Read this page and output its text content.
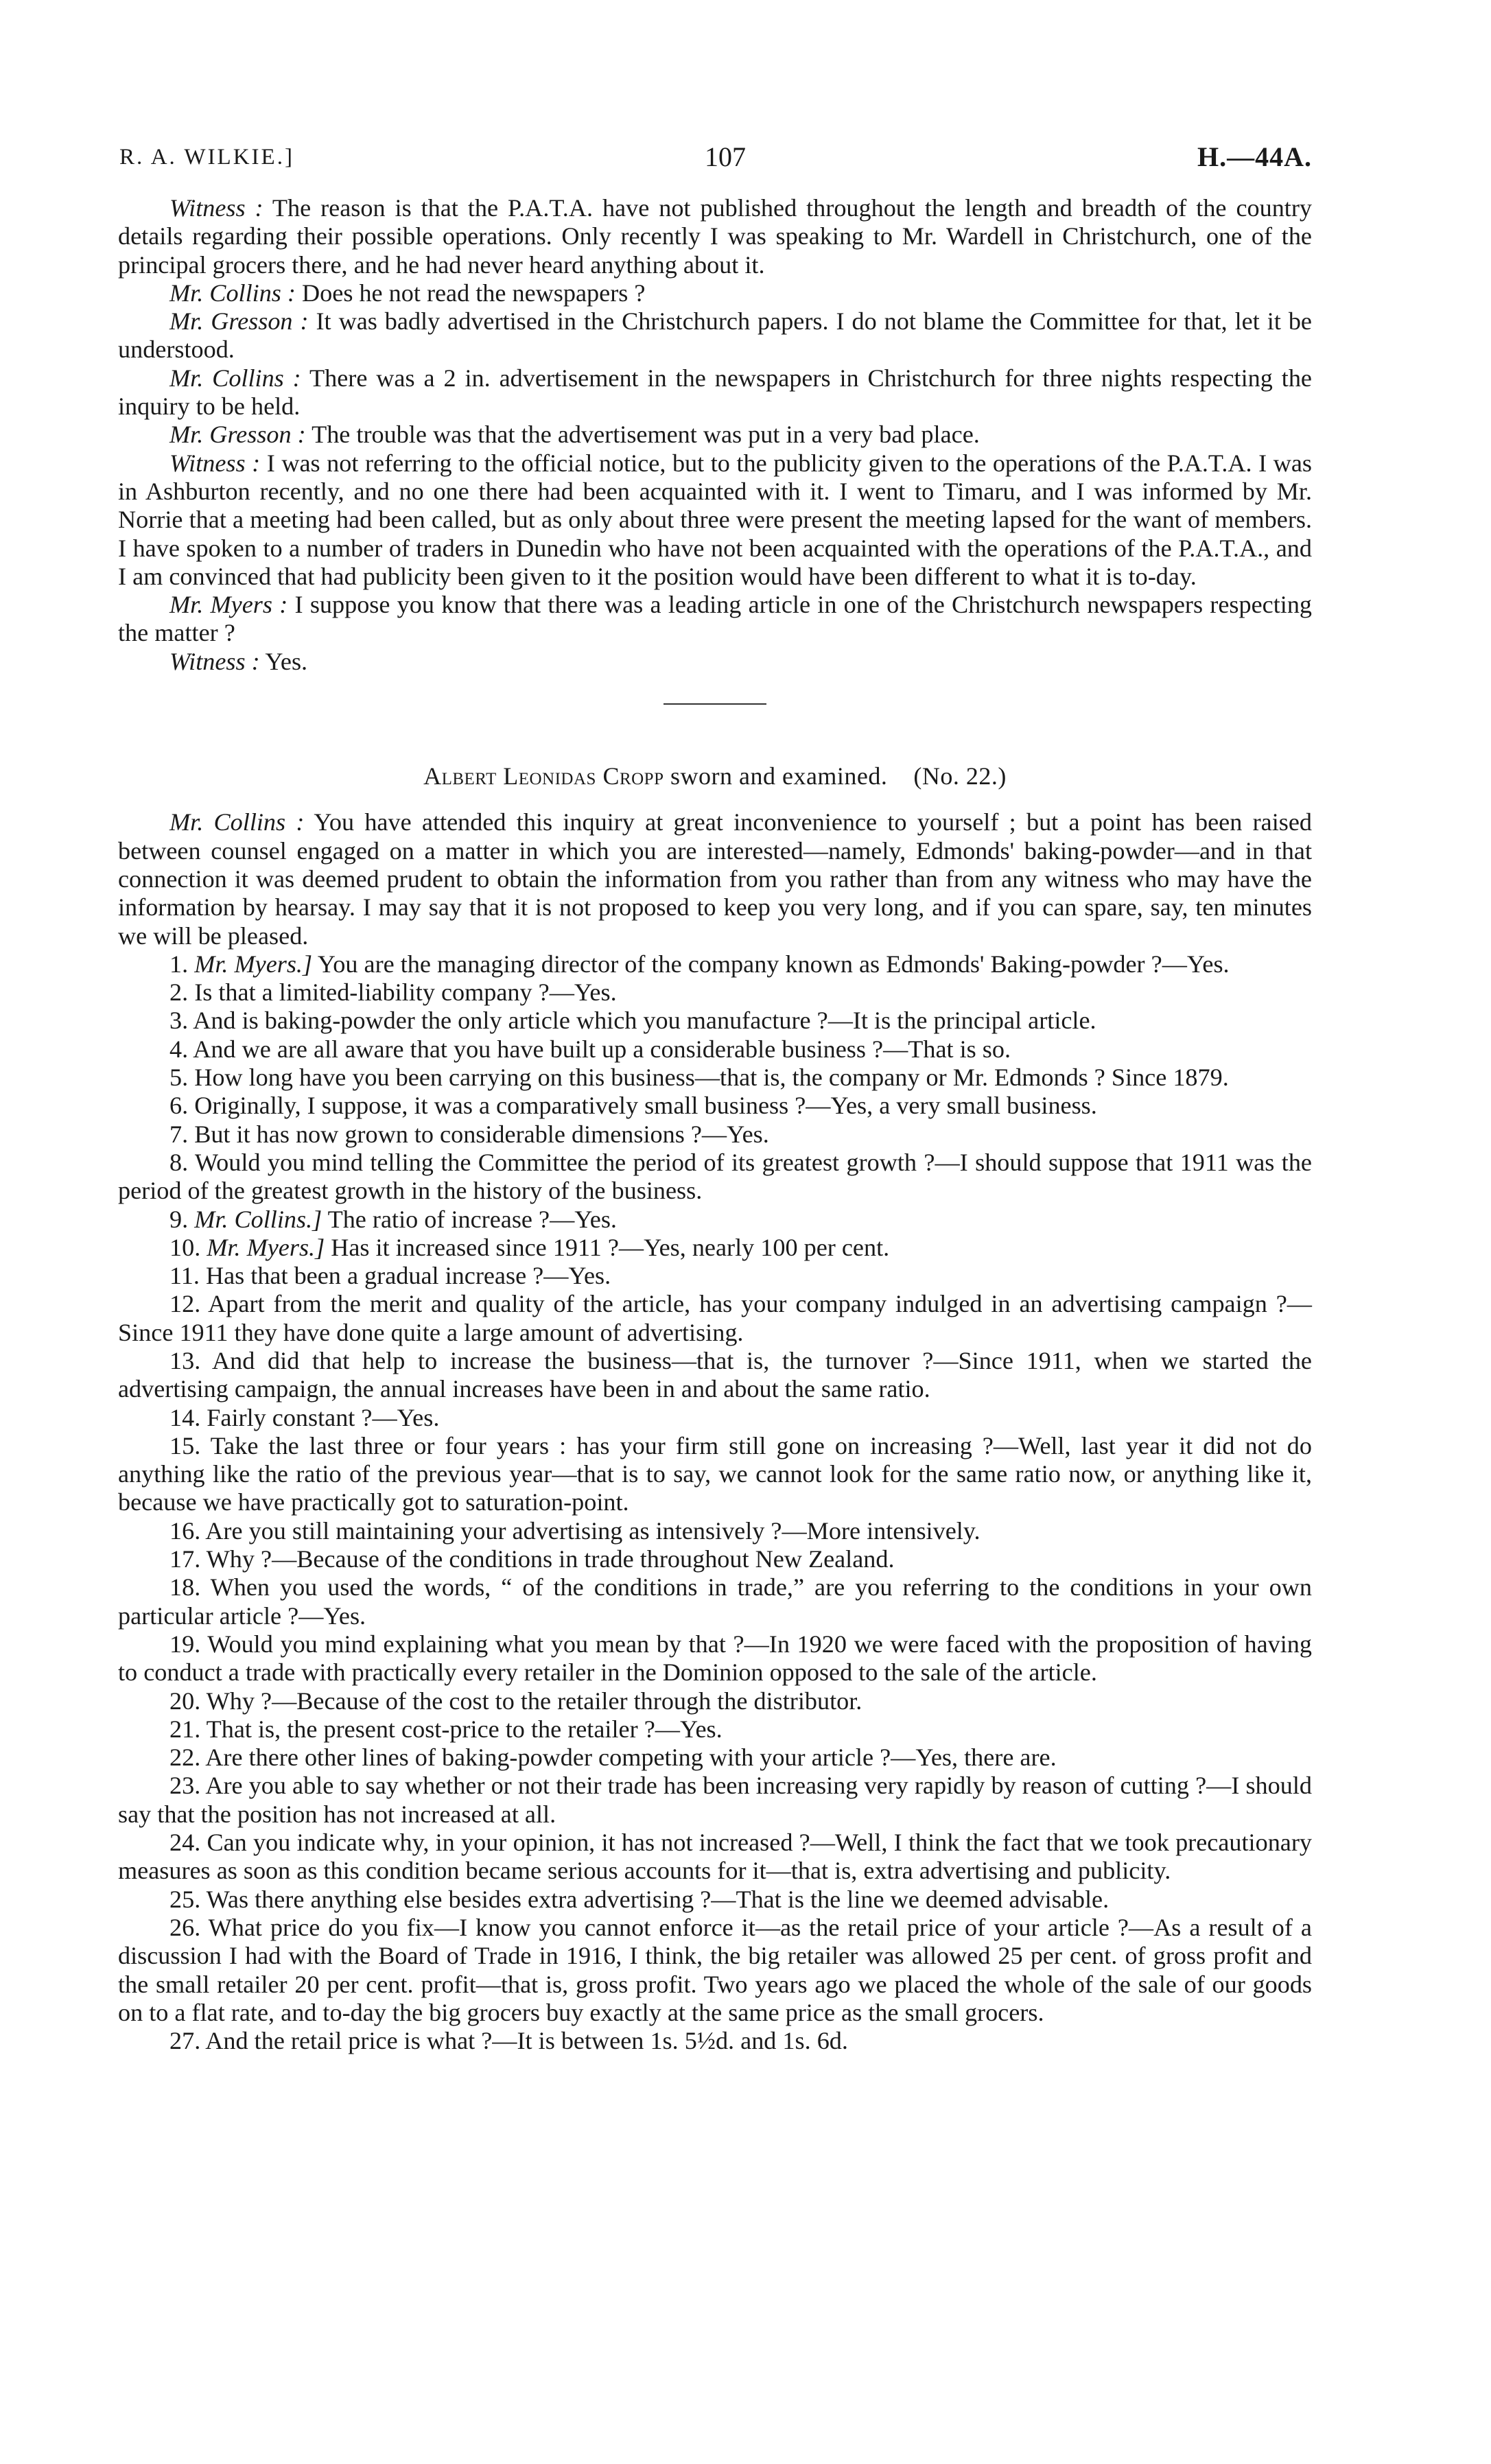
R. A. WILKIE.]	107	H.—44A.

Witness : The reason is that the P.A.T.A. have not published throughout the length and breadth of the country details regarding their possible operations. Only recently I was speaking to Mr. Wardell in Christchurch, one of the principal grocers there, and he had never heard anything about it.

Mr. Collins : Does he not read the newspapers ?

Mr. Gresson : It was badly advertised in the Christchurch papers. I do not blame the Committee for that, let it be understood.

Mr. Collins : There was a 2 in. advertisement in the newspapers in Christchurch for three nights respecting the inquiry to be held.

Mr. Gresson : The trouble was that the advertisement was put in a very bad place.

Witness : I was not referring to the official notice, but to the publicity given to the operations of the P.A.T.A. I was in Ashburton recently, and no one there had been acquainted with it. I went to Timaru, and I was informed by Mr. Norrie that a meeting had been called, but as only about three were present the meeting lapsed for the want of members. I have spoken to a number of traders in Dunedin who have not been acquainted with the operations of the P.A.T.A., and I am convinced that had publicity been given to it the position would have been different to what it is to-day.

Mr. Myers : I suppose you know that there was a leading article in one of the Christchurch newspapers respecting the matter ?

Witness : Yes.

Albert Leonidas Cropp sworn and examined. (No. 22.)

Mr. Collins : You have attended this inquiry at great inconvenience to yourself ; but a point has been raised between counsel engaged on a matter in which you are interested—namely, Edmonds' baking-powder—and in that connection it was deemed prudent to obtain the information from you rather than from any witness who may have the information by hearsay. I may say that it is not proposed to keep you very long, and if you can spare, say, ten minutes we will be pleased.

1. Mr. Myers.] You are the managing director of the company known as Edmonds' Baking-powder ?—Yes.

2. Is that a limited-liability company ?—Yes.

3. And is baking-powder the only article which you manufacture ?—It is the principal article.

4. And we are all aware that you have built up a considerable business ?—That is so.

5. How long have you been carrying on this business—that is, the company or Mr. Edmonds ? Since 1879.

6. Originally, I suppose, it was a comparatively small business ?—Yes, a very small business.

7. But it has now grown to considerable dimensions ?—Yes.

8. Would you mind telling the Committee the period of its greatest growth ?—I should suppose that 1911 was the period of the greatest growth in the history of the business.

9. Mr. Collins.] The ratio of increase ?—Yes.

10. Mr. Myers.] Has it increased since 1911 ?—Yes, nearly 100 per cent.

11. Has that been a gradual increase ?—Yes.

12. Apart from the merit and quality of the article, has your company indulged in an advertising campaign ?—Since 1911 they have done quite a large amount of advertising.

13. And did that help to increase the business—that is, the turnover ?—Since 1911, when we started the advertising campaign, the annual increases have been in and about the same ratio.

14. Fairly constant ?—Yes.

15. Take the last three or four years : has your firm still gone on increasing ?—Well, last year it did not do anything like the ratio of the previous year—that is to say, we cannot look for the same ratio now, or anything like it, because we have practically got to saturation-point.

16. Are you still maintaining your advertising as intensively ?—More intensively.

17. Why ?—Because of the conditions in trade throughout New Zealand.

18. When you used the words, “ of the conditions in trade,” are you referring to the conditions in your own particular article ?—Yes.

19. Would you mind explaining what you mean by that ?—In 1920 we were faced with the proposition of having to conduct a trade with practically every retailer in the Dominion opposed to the sale of the article.

20. Why ?—Because of the cost to the retailer through the distributor.

21. That is, the present cost-price to the retailer ?—Yes.

22. Are there other lines of baking-powder competing with your article ?—Yes, there are.

23. Are you able to say whether or not their trade has been increasing very rapidly by reason of cutting ?—I should say that the position has not increased at all.

24. Can you indicate why, in your opinion, it has not increased ?—Well, I think the fact that we took precautionary measures as soon as this condition became serious accounts for it—that is, extra advertising and publicity.

25. Was there anything else besides extra advertising ?—That is the line we deemed advisable.

26. What price do you fix—I know you cannot enforce it—as the retail price of your article ?—As a result of a discussion I had with the Board of Trade in 1916, I think, the big retailer was allowed 25 per cent. of gross profit and the small retailer 20 per cent. profit—that is, gross profit. Two years ago we placed the whole of the sale of our goods on to a flat rate, and to-day the big grocers buy exactly at the same price as the small grocers.

27. And the retail price is what ?—It is between 1s. 5½d. and 1s. 6d.
